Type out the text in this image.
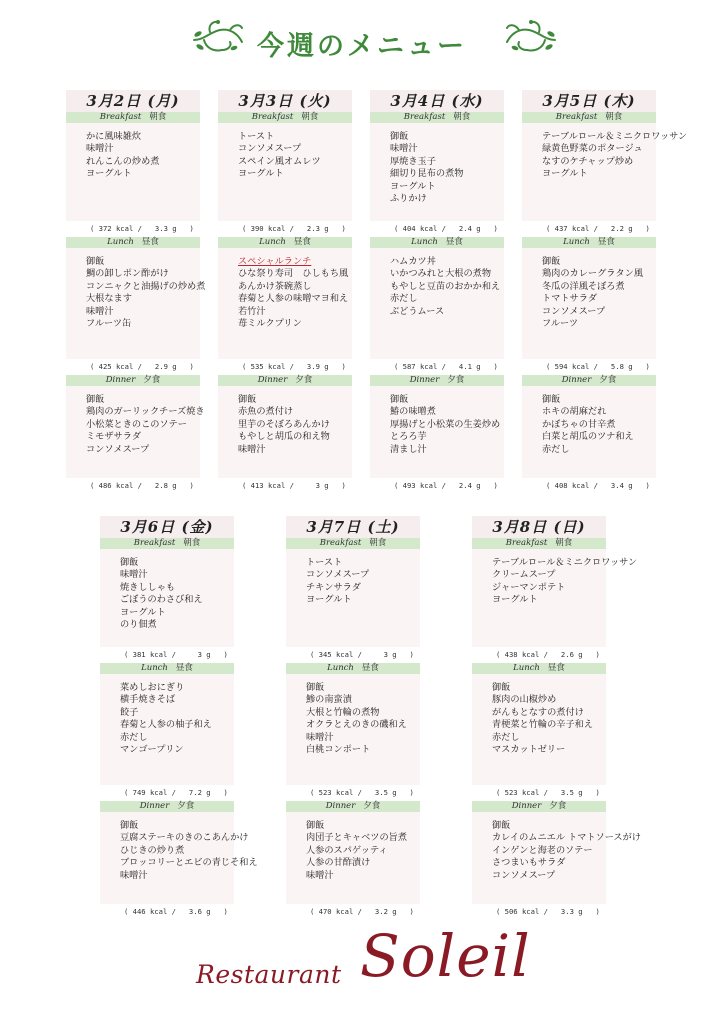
今週のメニュー
3月2日 (月)
Breakfast 朝食
かに風味雑炊
味噌汁
れんこんの炒め煮
ヨーグルト
( 372 kcal /   3.3 g   )
Lunch 昼食
御飯
鯛の卸しポン酢がけ
コンニャクと油揚げの炒め煮
大根なます
味噌汁
フルーツ缶
( 425 kcal /   2.9 g   )
Dinner 夕食
御飯
鶏肉のガーリックチーズ焼き
小松菜ときのこのソテー
ミモザサラダ
コンソメスープ
( 486 kcal /   2.8 g   )
3月3日 (火)
Breakfast 朝食
トースト
コンソメスープ
スペイン風オムレツ
ヨーグルト
( 390 kcal /   2.3 g   )
Lunch 昼食
スペシャルランチ
ひな祭り寿司　ひしもち風
あんかけ茶碗蒸し
春菊と人参の味噌マヨ和え
若竹汁
苺ミルクプリン
( 535 kcal /   3.9 g   )
Dinner 夕食
御飯
赤魚の煮付け
里芋のそぼろあんかけ
もやしと胡瓜の和え物
味噌汁
( 413 kcal /     3 g   )
3月4日 (水)
Breakfast 朝食
御飯
味噌汁
厚焼き玉子
細切り昆布の煮物
ヨーグルト
ふりかけ
( 404 kcal /   2.4 g   )
Lunch 昼食
ハムカツ丼
いかつみれと大根の煮物
もやしと豆苗のおかか和え
赤だし
ぶどうムース
( 587 kcal /   4.1 g   )
Dinner 夕食
御飯
鰆の味噌煮
厚揚げと小松菜の生姜炒め
とろろ芋
清まし汁
( 493 kcal /   2.4 g   )
3月5日 (木)
Breakfast 朝食
テーブルロール＆ミニクロワッサン
緑黄色野菜のポタージュ
なすのケチャップ炒め
ヨーグルト
( 437 kcal /   2.2 g   )
Lunch 昼食
御飯
鶏肉のカレーグラタン風
冬瓜の洋風そぼろ煮
トマトサラダ
コンソメスープ
フルーツ
( 594 kcal /   5.8 g   )
Dinner 夕食
御飯
ホキの胡麻だれ
かぼちゃの甘辛煮
白菜と胡瓜のツナ和え
赤だし
( 408 kcal /   3.4 g   )
3月6日 (金)
Breakfast 朝食
御飯
味噌汁
焼きししゃも
ごぼうのわさび和え
ヨーグルト
のり佃煮
( 381 kcal /     3 g   )
Lunch 昼食
菜めしおにぎり
横手焼きそば
餃子
春菊と人参の柚子和え
赤だし
マンゴープリン
( 749 kcal /   7.2 g   )
Dinner 夕食
御飯
豆腐ステーキのきのこあんかけ
ひじきの炒り煮
ブロッコリーとエビの青じそ和え
味噌汁
( 446 kcal /   3.6 g   )
3月7日 (土)
Breakfast 朝食
トースト
コンソメスープ
チキンサラダ
ヨーグルト
( 345 kcal /     3 g   )
Lunch 昼食
御飯
鯵の南蛮漬
大根と竹輪の煮物
オクラとえのきの磯和え
味噌汁
白桃コンポート
( 523 kcal /   3.5 g   )
Dinner 夕食
御飯
肉団子とキャベツの旨煮
人参のスパゲッティ
人参の甘酢漬け
味噌汁
( 470 kcal /   3.2 g   )
3月8日 (日)
Breakfast 朝食
テーブルロール＆ミニクロワッサン
クリームスープ
ジャーマンポテト
ヨーグルト
( 438 kcal /   2.6 g   )
Lunch 昼食
御飯
豚肉の山椒炒め
がんもとなすの煮付け
青梗菜と竹輪の辛子和え
赤だし
マスカットゼリー
( 523 kcal /   3.5 g   )
Dinner 夕食
御飯
カレイのムニエル トマトソースがけ
インゲンと海老のソテー
さつまいもサラダ
コンソメスープ
( 506 kcal /   3.3 g   )
Restaurant Soleil
